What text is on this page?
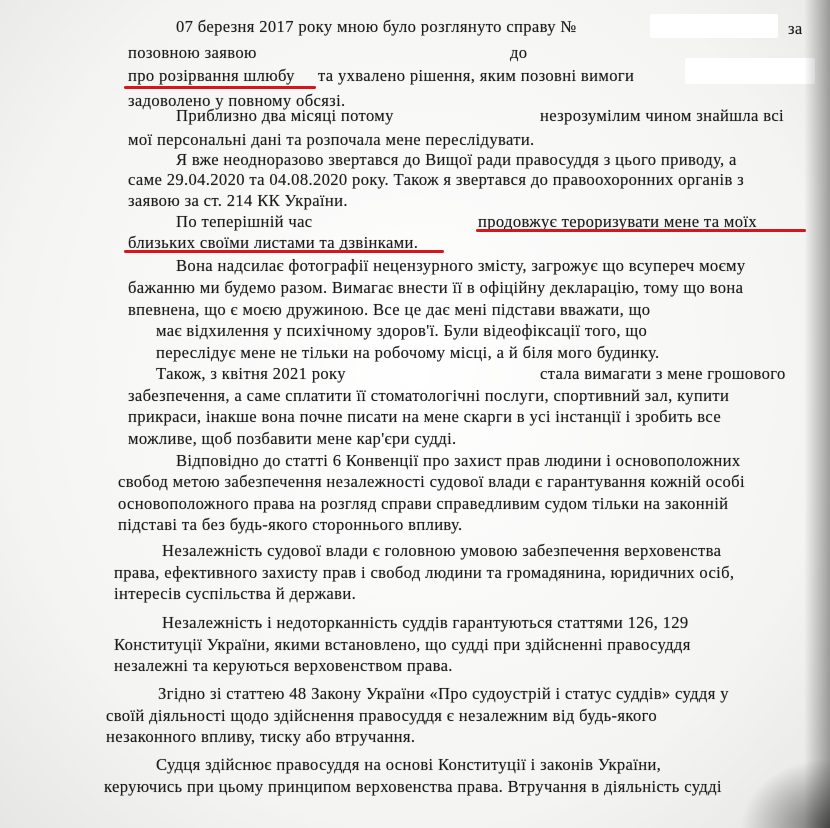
07 березня 2017 року мною було розглянуто справу №	за
позовною заявою	до
про розірвання шлюбу та ухвалено рішення, яким позовні вимоги
задоволено у повному обсязі.
Приблизно два місяці потому	незрозумілим чином знайшла всі
мої персональні дані та розпочала мене переслідувати.
Я вже неодноразово звертався до Вищої ради правосуддя з цього приводу, а
саме 29.04.2020 та 04.08.2020 року. Також я звертався до правоохоронних органів з
заявою за ст. 214 КК України.
По теперішній час	продовжує тероризувати мене та моїх
близьких своїми листами та дзвінками.
Вона надсилає фотографії нецензурного змісту, загрожує що всупереч моєму
бажанню ми будемо разом. Вимагає внести її в офіційну декларацію, тому що вона
впевнена, що є моєю дружиною. Все це дає мені підстави вважати, що
має відхилення у психічному здоров'ї. Були відеофіксації того, що
переслідує мене не тільки на робочому місці, а й біля мого будинку.
Також, з квітня 2021 року	стала вимагати з мене грошового
забезпечення, а саме сплатити її стоматологічні послуги, спортивний зал, купити
прикраси, інакше вона почне писати на мене скарги в усі інстанції і зробить все
можливе, щоб позбавити мене кар'єри судді.
Відповідно до статті 6 Конвенції про захист прав людини і основоположних
свобод метою забезпечення незалежності судової влади є гарантування кожній особі
основоположного права на розгляд справи справедливим судом тільки на законній
підставі та без будь-якого стороннього впливу.
Незалежність судової влади є головною умовою забезпечення верховенства
права, ефективного захисту прав і свобод людини та громадянина, юридичних осіб,
інтересів суспільства й держави.
Незалежність і недоторканність суддів гарантуються статтями 126, 129
Конституції України, якими встановлено, що судді при здійсненні правосуддя
незалежні та керуються верховенством права.
Згідно зі статтею 48 Закону України «Про судоустрій і статус суддів» суддя у
своїй діяльності щодо здійснення правосуддя є незалежним від будь-якого
незаконного впливу, тиску або втручання.
Судця здійснює правосуддя на основі Конституції і законів України,
керуючись при цьому принципом верховенства права. Втручання в діяльність судді
